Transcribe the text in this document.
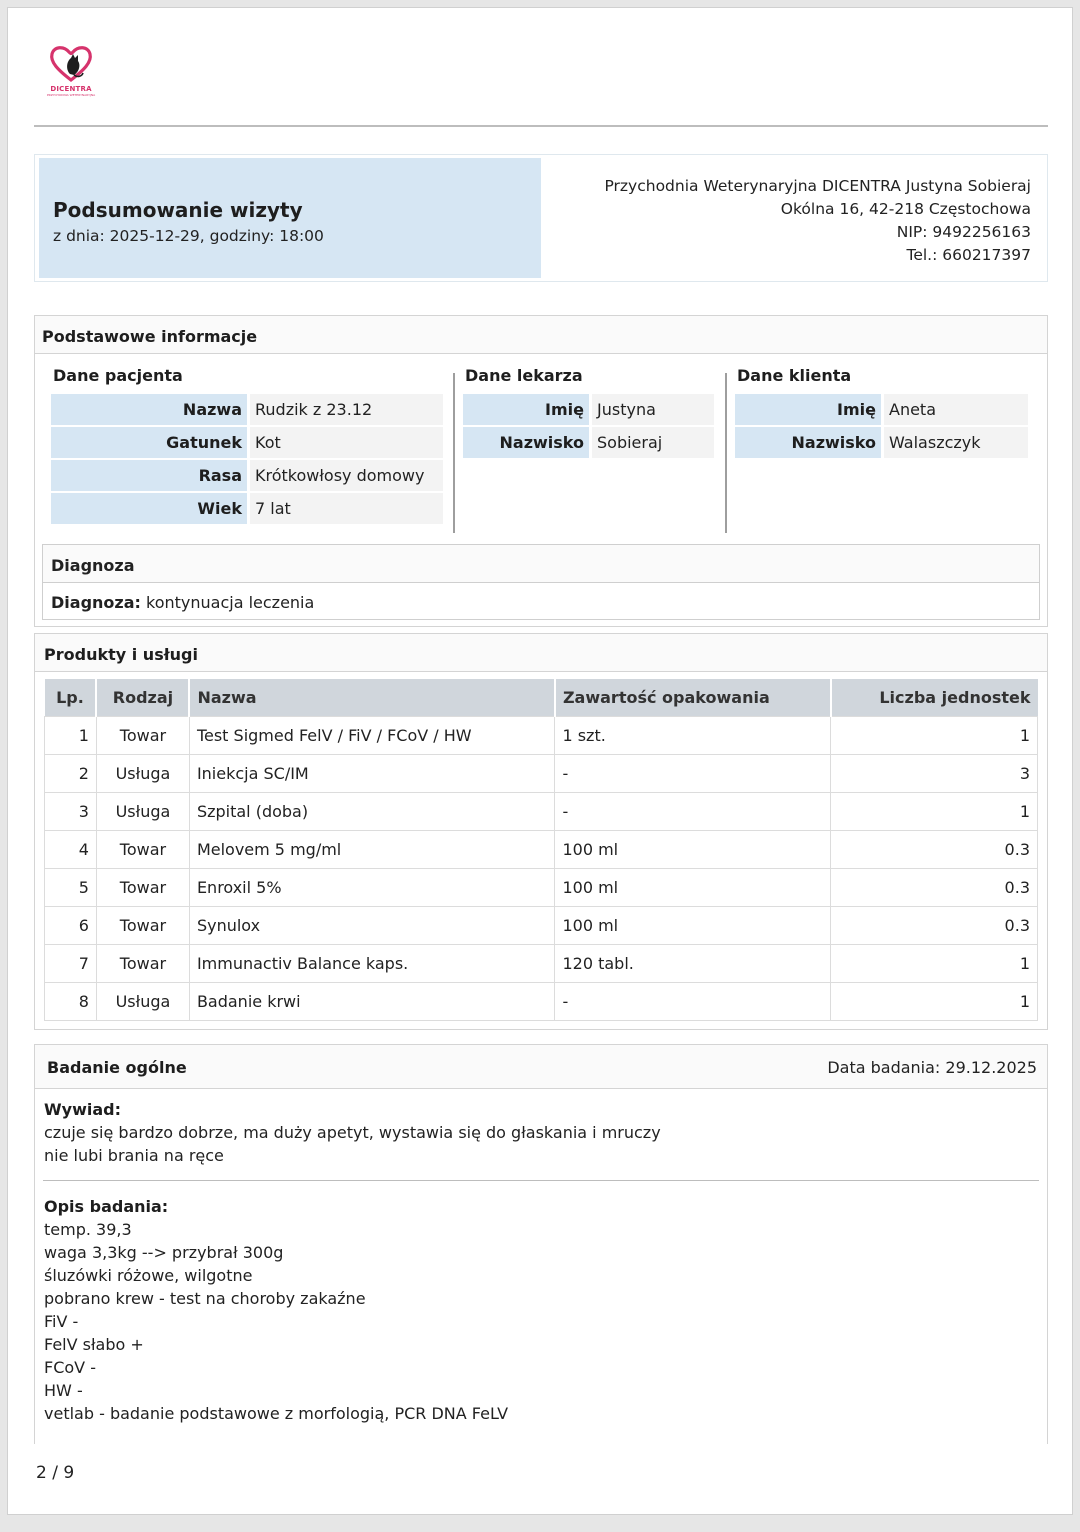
DICENTRA
PRZYCHODNIA WETERYNARYJNA
Podsumowanie wizyty
z dnia: 2025-12-29, godziny: 18:00
Przychodnia Weterynaryjna DICENTRA Justyna Sobieraj
Okólna 16, 42-218 Częstochowa
NIP: 9492256163
Tel.: 660217397
Podstawowe informacje
Dane pacjenta
Nazwa Rudzik z 23.12
Gatunek Kot
Rasa Krótkowłosy domowy
Wiek 7 lat
Dane lekarza
Imię Justyna
Nazwisko Sobieraj
Dane klienta
Imię Aneta
Nazwisko Walaszczyk
Diagnoza
Diagnoza: kontynuacja leczenia
Produkty i usługi
Lp.	Rodzaj	Nazwa	Zawartość opakowania	Liczba jednostek
1	Towar	Test Sigmed FelV / FiV / FCoV / HW	1 szt.	1
2	Usługa	Iniekcja SC/IM	-	3
3	Usługa	Szpital (doba)	-	1
4	Towar	Melovem 5 mg/ml	100 ml	0.3
5	Towar	Enroxil 5%	100 ml	0.3
6	Towar	Synulox	100 ml	0.3
7	Towar	Immunactiv Balance kaps.	120 tabl.	1
8	Usługa	Badanie krwi	-	1
Badanie ogólne	Data badania: 29.12.2025
Wywiad:
czuje się bardzo dobrze, ma duży apetyt, wystawia się do głaskania i mruczy
nie lubi brania na ręce
Opis badania:
temp. 39,3
waga 3,3kg --> przybrał 300g
śluzówki różowe, wilgotne
pobrano krew - test na choroby zakaźne
FiV -
FelV słabo +
FCoV -
HW -
vetlab - badanie podstawowe z morfologią, PCR DNA FeLV
2 / 9
